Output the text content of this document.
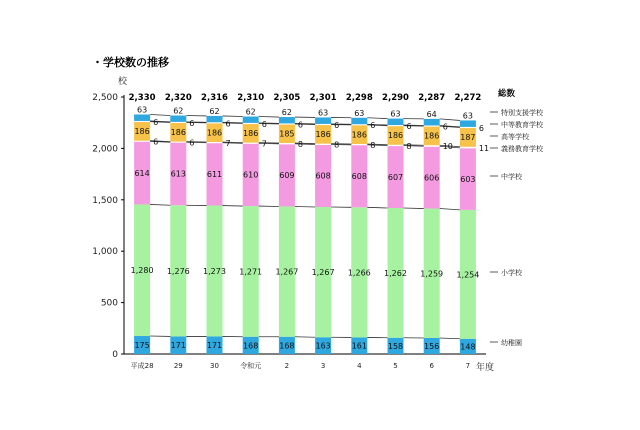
・学校数の推移
校
年度
0
500
1,000
1,500
2,000
2,500
平成28	29	30	令和元	2	3	4	5	6	7
175
1,280
614
6
186
6
63
171
1,276
613
6
186
6
62
171
1,273
611
7
186
6
62
168
1,271
610
7
186
6
62
168
1,267
609
8
185
6
62
163
1,267
608
8
186
6
63
161
1,266
608
8
186
6
63
158
1,262
607
8
186
6
63
156
1,259
606
10
186
6
64
148
1,254
603
11
187
6
63
2,330 2,320 2,316 2,310 2,305 2,301 2,298 2,290 2,287 2,272 総数
特別支援学校
中等教育学校
高等学校
義務教育学校
中学校
小学校
幼稚園
